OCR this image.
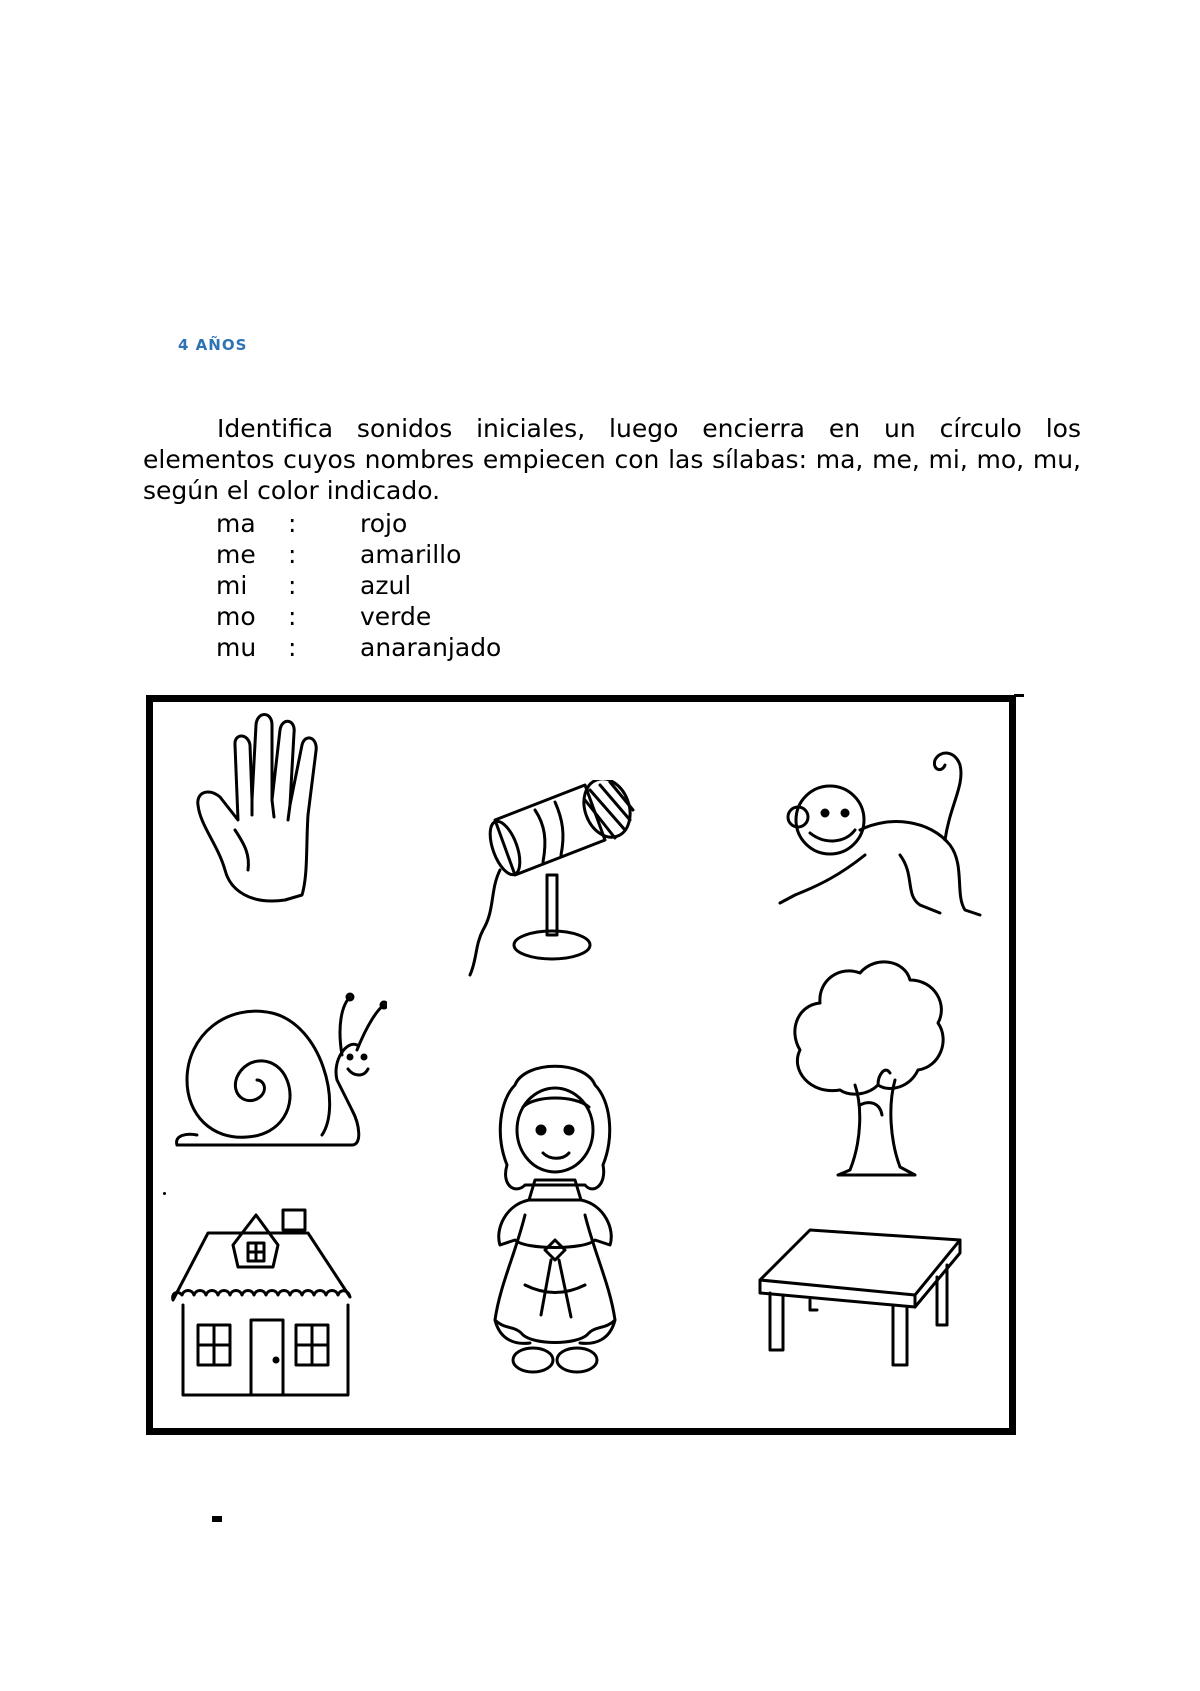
4 AÑOS

Identifica sonidos iniciales, luego encierra en un círculo los elementos cuyos nombres empiecen con las sílabas: ma, me, mi, mo, mu, según el color indicado.

ma	:	rojo
me	:	amarillo
mi	:	azul
mo	:	verde
mu	:	anaranjado
